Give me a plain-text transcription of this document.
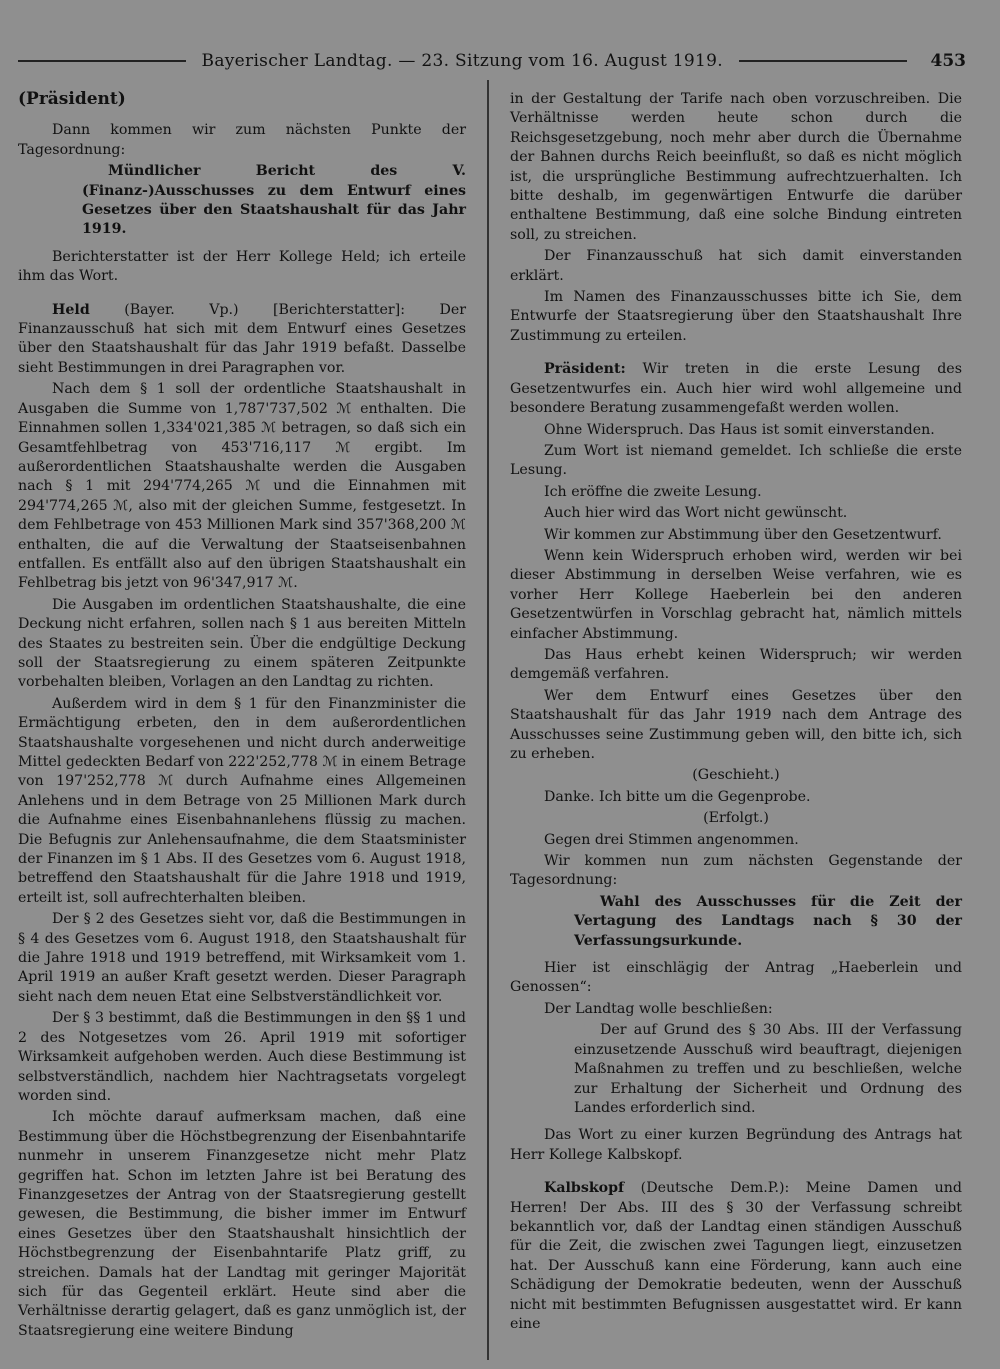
Bayerischer Landtag. — 23. Sitzung vom 16. August 1919.	453

(Präsident)

Dann kommen wir zum nächsten Punkte der Tagesordnung:

Mündlicher Bericht des V. (Finanz-)Ausschusses zu dem Entwurf eines Gesetzes über den Staatshaushalt für das Jahr 1919.

Berichterstatter ist der Herr Kollege Held; ich erteile ihm das Wort.

Held (Bayer. Vp.) [Berichterstatter]: Der Finanzausschuß hat sich mit dem Entwurf eines Gesetzes über den Staatshaushalt für das Jahr 1919 befaßt. Dasselbe sieht Bestimmungen in drei Paragraphen vor.

Nach dem § 1 soll der ordentliche Staatshaushalt in Ausgaben die Summe von 1,787'737,502 ℳ enthalten. Die Einnahmen sollen 1,334'021,385 ℳ betragen, so daß sich ein Gesamtfehlbetrag von 453'716,117 ℳ ergibt. Im außerordentlichen Staatshaushalte werden die Ausgaben nach § 1 mit 294'774,265 ℳ und die Einnahmen mit 294'774,265 ℳ, also mit der gleichen Summe, festgesetzt. In dem Fehlbetrage von 453 Millionen Mark sind 357'368,200 ℳ enthalten, die auf die Verwaltung der Staatseisenbahnen entfallen. Es entfällt also auf den übrigen Staatshaushalt ein Fehlbetrag bis jetzt von 96'347,917 ℳ.

Die Ausgaben im ordentlichen Staatshaushalte, die eine Deckung nicht erfahren, sollen nach § 1 aus bereiten Mitteln des Staates zu bestreiten sein. Über die endgültige Deckung soll der Staatsregierung zu einem späteren Zeitpunkte vorbehalten bleiben, Vorlagen an den Landtag zu richten.

Außerdem wird in dem § 1 für den Finanzminister die Ermächtigung erbeten, den in dem außerordentlichen Staatshaushalte vorgesehenen und nicht durch anderweitige Mittel gedeckten Bedarf von 222'252,778 ℳ in einem Betrage von 197'252,778 ℳ durch Aufnahme eines Allgemeinen Anlehens und in dem Betrage von 25 Millionen Mark durch die Aufnahme eines Eisenbahnanlehens flüssig zu machen. Die Befugnis zur Anlehensaufnahme, die dem Staatsminister der Finanzen im § 1 Abs. II des Gesetzes vom 6. August 1918, betreffend den Staatshaushalt für die Jahre 1918 und 1919, erteilt ist, soll aufrechterhalten bleiben.

Der § 2 des Gesetzes sieht vor, daß die Bestimmungen in § 4 des Gesetzes vom 6. August 1918, den Staatshaushalt für die Jahre 1918 und 1919 betreffend, mit Wirksamkeit vom 1. April 1919 an außer Kraft gesetzt werden. Dieser Paragraph sieht nach dem neuen Etat eine Selbstverständlichkeit vor.

Der § 3 bestimmt, daß die Bestimmungen in den §§ 1 und 2 des Notgesetzes vom 26. April 1919 mit sofortiger Wirksamkeit aufgehoben werden. Auch diese Bestimmung ist selbstverständlich, nachdem hier Nachtragsetats vorgelegt worden sind.

Ich möchte darauf aufmerksam machen, daß eine Bestimmung über die Höchstbegrenzung der Eisenbahntarife nunmehr in unserem Finanzgesetze nicht mehr Platz gegriffen hat. Schon im letzten Jahre ist bei Beratung des Finanzgesetzes der Antrag von der Staatsregierung gestellt gewesen, die Bestimmung, die bisher immer im Entwurf eines Gesetzes über den Staatshaushalt hinsichtlich der Höchstbegrenzung der Eisenbahntarife Platz griff, zu streichen. Damals hat der Landtag mit geringer Majorität sich für das Gegenteil erklärt. Heute sind aber die Verhältnisse derartig gelagert, daß es ganz unmöglich ist, der Staatsregierung eine weitere Bindung

in der Gestaltung der Tarife nach oben vorzuschreiben. Die Verhältnisse werden heute schon durch die Reichsgesetzgebung, noch mehr aber durch die Übernahme der Bahnen durchs Reich beeinflußt, so daß es nicht möglich ist, die ursprüngliche Bestimmung aufrechtzuerhalten. Ich bitte deshalb, im gegenwärtigen Entwurfe die darüber enthaltene Bestimmung, daß eine solche Bindung eintreten soll, zu streichen.

Der Finanzausschuß hat sich damit einverstanden erklärt.

Im Namen des Finanzausschusses bitte ich Sie, dem Entwurfe der Staatsregierung über den Staatshaushalt Ihre Zustimmung zu erteilen.

Präsident: Wir treten in die erste Lesung des Gesetzentwurfes ein. Auch hier wird wohl allgemeine und besondere Beratung zusammengefaßt werden wollen.

Ohne Widerspruch. Das Haus ist somit einverstanden.

Zum Wort ist niemand gemeldet. Ich schließe die erste Lesung.

Ich eröffne die zweite Lesung.

Auch hier wird das Wort nicht gewünscht.

Wir kommen zur Abstimmung über den Gesetzentwurf.

Wenn kein Widerspruch erhoben wird, werden wir bei dieser Abstimmung in derselben Weise verfahren, wie es vorher Herr Kollege Haeberlein bei den anderen Gesetzentwürfen in Vorschlag gebracht hat, nämlich mittels einfacher Abstimmung.

Das Haus erhebt keinen Widerspruch; wir werden demgemäß verfahren.

Wer dem Entwurf eines Gesetzes über den Staatshaushalt für das Jahr 1919 nach dem Antrage des Ausschusses seine Zustimmung geben will, den bitte ich, sich zu erheben.

(Geschieht.)

Danke. Ich bitte um die Gegenprobe.

(Erfolgt.)

Gegen drei Stimmen angenommen.

Wir kommen nun zum nächsten Gegenstande der Tagesordnung:

Wahl des Ausschusses für die Zeit der Vertagung des Landtags nach § 30 der Verfassungsurkunde.

Hier ist einschlägig der Antrag „Haeberlein und Genossen“:

Der Landtag wolle beschließen:

Der auf Grund des § 30 Abs. III der Verfassung einzusetzende Ausschuß wird beauftragt, diejenigen Maßnahmen zu treffen und zu beschließen, welche zur Erhaltung der Sicherheit und Ordnung des Landes erforderlich sind.

Das Wort zu einer kurzen Begründung des Antrags hat Herr Kollege Kalbskopf.

Kalbskopf (Deutsche Dem.P.): Meine Damen und Herren! Der Abs. III des § 30 der Verfassung schreibt bekanntlich vor, daß der Landtag einen ständigen Ausschuß für die Zeit, die zwischen zwei Tagungen liegt, einzusetzen hat. Der Ausschuß kann eine Förderung, kann auch eine Schädigung der Demokratie bedeuten, wenn der Ausschuß nicht mit bestimmten Befugnissen ausgestattet wird. Er kann eine
